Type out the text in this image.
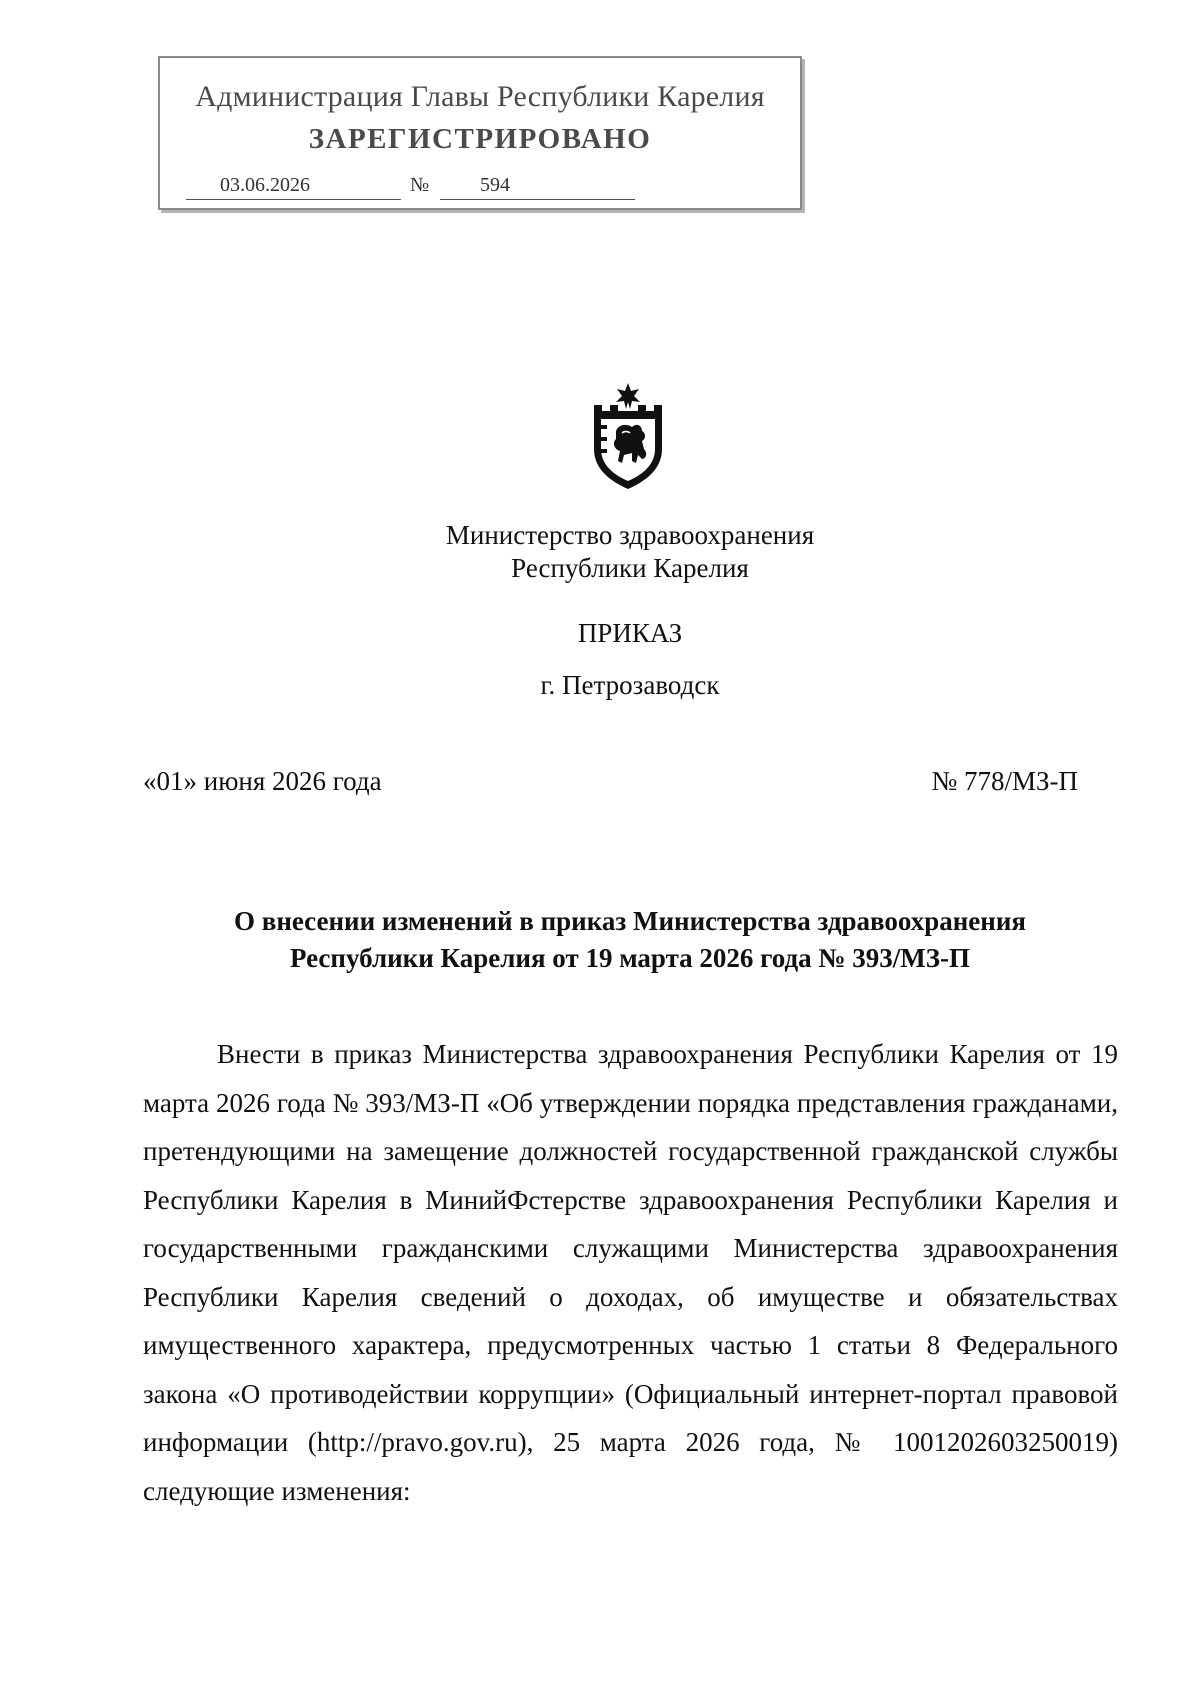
Администрация Главы Республики Карелия
ЗАРЕГИСТРИРОВАНО
03.06.2026	№	594
Министерство здравоохранения
Республики Карелия
ПРИКАЗ
г. Петрозаводск
«01» июня 2026 года	№ 778/МЗ-П
О внесении изменений в приказ Министерства здравоохранения
Республики Карелия от 19 марта 2026 года № 393/МЗ-П
Внести в приказ Министерства здравоохранения Республики Карелия от 19 марта 2026 года № 393/МЗ-П «Об утверждении порядка представления гражданами, претендующими на замещение должностей государственной гражданской службы Республики Карелия в МинийФстерстве здравоохранения Республики Карелия и государственными гражданскими служащими Министерства здравоохранения Республики Карелия сведений о доходах, об имуществе и обязательствах имущественного характера, предусмотренных частью 1 статьи 8 Федерального закона «О противодействии коррупции» (Официальный интернет-портал правовой информации (http://pravo.gov.ru), 25 марта 2026 года, № 1001202603250019) следующие изменения:
